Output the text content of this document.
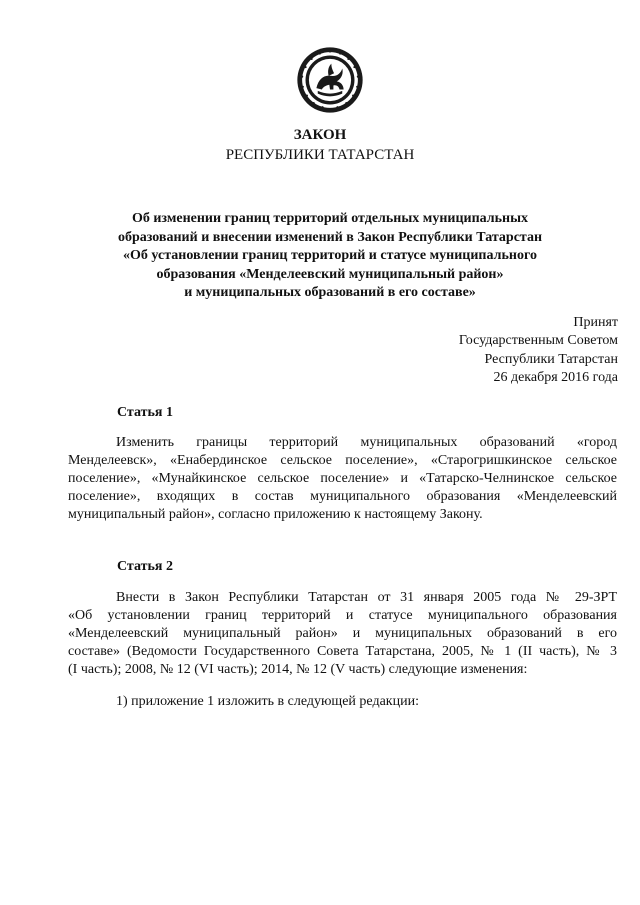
ЗАКОН
РЕСПУБЛИКИ ТАТАРСТАН
Об изменении границ территорий отдельных муниципальных
образований и внесении изменений в Закон Республики Татарстан
«Об установлении границ территорий и статусе муниципального
образования «Менделеевский муниципальный район»
и муниципальных образований в его составе»
Принят
Государственным Советом
Республики Татарстан
26 декабря 2016 года
Статья 1
Изменить границы территорий муниципальных образований «город
Менделеевск», «Енабердинское сельское поселение», «Старогришкинское сельское
поселение», «Мунайкинское сельское поселение» и «Татарско-Челнинское сельское
поселение», входящих в состав муниципального образования «Менделеевский
муниципальный район», согласно приложению к настоящему Закону.
Статья 2
Внести в Закон Республики Татарстан от 31 января 2005 года № 29-ЗРТ
«Об установлении границ территорий и статусе муниципального образования
«Менделеевский муниципальный район» и муниципальных образований в его
составе» (Ведомости Государственного Совета Татарстана, 2005, № 1 (II часть), № 3
(I часть); 2008, № 12 (VI часть); 2014, № 12 (V часть) следующие изменения:
1) приложение 1 изложить в следующей редакции:
